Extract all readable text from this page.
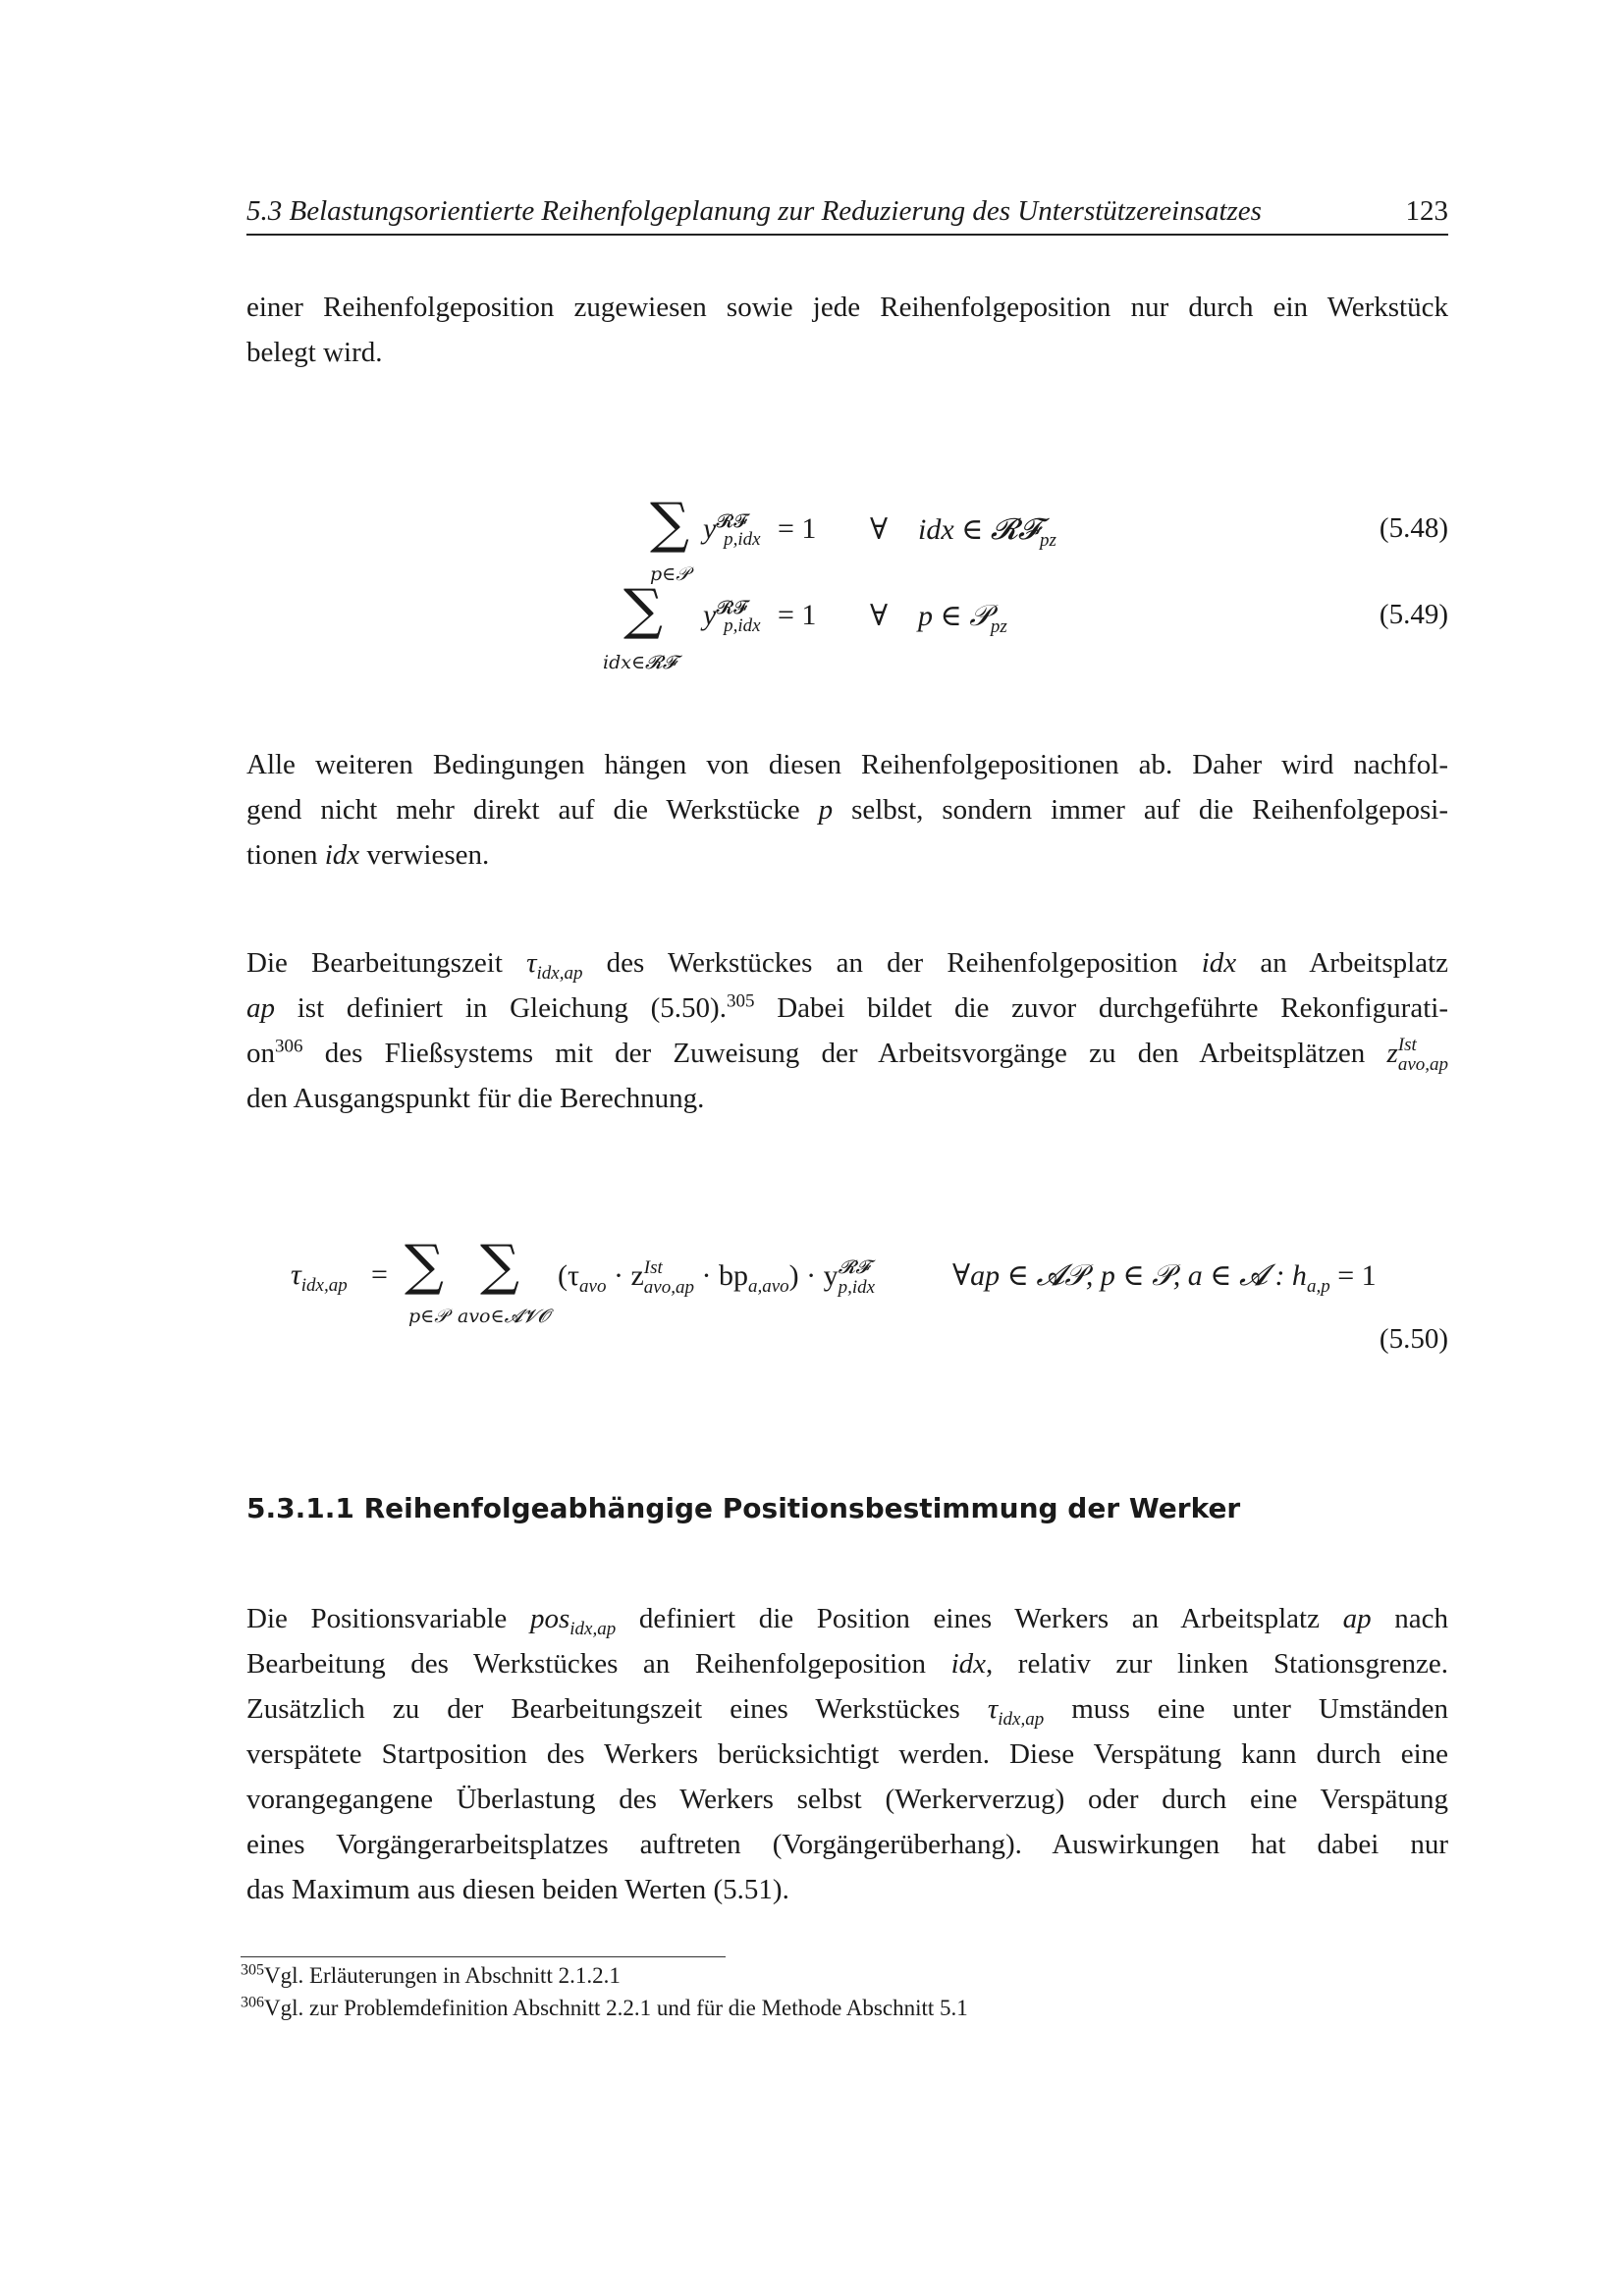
5.3 Belastungsorientierte Reihenfolgeplanung zur Reduzierung des Unterstützereinsatzes	123
einer Reihenfolgeposition zugewiesen sowie jede Reihenfolgeposition nur durch ein Werkstück
belegt wird.
∑
p∈𝒫
$y^{𝓡𝓕}_{p,idx} = 1$ ∀ idx ∈ 𝓡𝓕$_{pz}$	(5.48)
∑
idx∈𝓡𝓕
$y^{𝓡𝓕}_{p,idx} = 1$ ∀ p ∈ 𝒫$_{pz}$	(5.49)
Alle weiteren Bedingungen hängen von diesen Reihenfolgepositionen ab. Daher wird nachfol-
gend nicht mehr direkt auf die Werkstücke p selbst, sondern immer auf die Reihenfolgeposi-
tionen idx verwiesen.
Die Bearbeitungszeit $\tau_{idx,ap}$ des Werkstückes an der Reihenfolgeposition idx an Arbeitsplatz
ap ist definiert in Gleichung (5.50).$^{305}$ Dabei bildet die zuvor durchgeführte Rekonfigurati-
$on^{306}$ des Fließsystems mit der Zuweisung der Arbeitsvorgänge zu den Arbeitsplätzen z Ist
avo,ap
den Ausgangspunkt für die Berechnung.
$\tau_{idx,ap}$ = ∑
p∈𝒫
∑
avo∈𝓐𝓥𝓞
($\tau_{avo} \cdot z$ Ist
$avo,ap \cdot bp_{a,avo}) \cdot y$ 𝓡𝓕
p,idx	∀ap ∈ 𝓐𝒫, p ∈ 𝒫, a ∈ 𝓐 : $h_{a,p} = 1$
(5.50)
5.3.1.1 Reihenfolgeabhängige Positionsbestimmung der Werker
Die Positionsvariable pos$_{idx,ap}$ definiert die Position eines Werkers an Arbeitsplatz ap nach
Bearbeitung des Werkstückes an Reihenfolgeposition idx, relativ zur linken Stationsgrenze.
Zusätzlich zu der Bearbeitungszeit eines Werkstückes $\tau_{idx,ap}$ muss eine unter Umständen
verspätete Startposition des Werkers berücksichtigt werden. Diese Verspätung kann durch eine
vorangegangene Überlastung des Werkers selbst (Werkerverzug) oder durch eine Verspätung
eines Vorgängerarbeitsplatzes auftreten (Vorgängerüberhang). Auswirkungen hat dabei nur
das Maximum aus diesen beiden Werten (5.51).
$^{305}$Vgl. Erläuterungen in Abschnitt 2.1.2.1
$^{306}$Vgl. zur Problemdefinition Abschnitt 2.2.1 und für die Methode Abschnitt 5.1
